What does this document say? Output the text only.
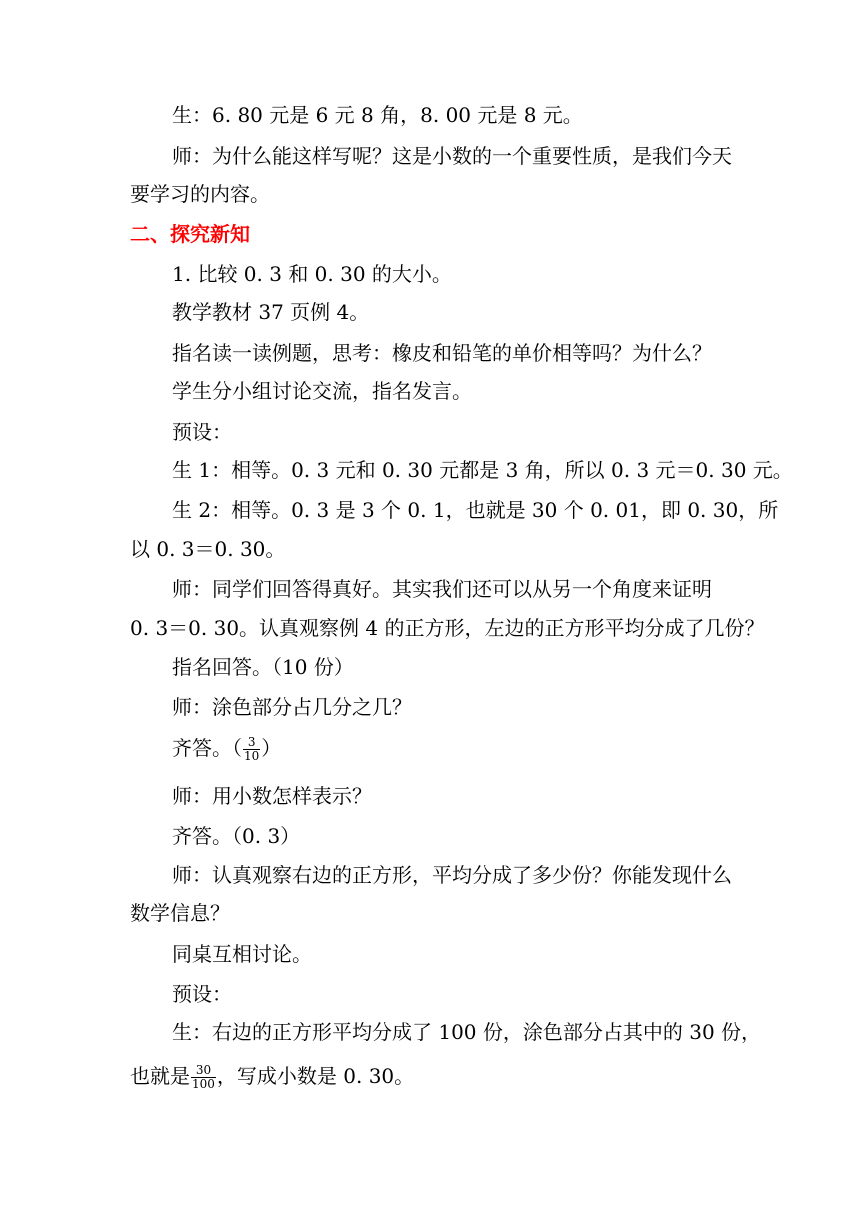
生：6. 80 元是 6 元 8 角，8. 00 元是 8 元。
师：为什么能这样写呢？这是小数的一个重要性质，是我们今天
要学习的内容。
二、探究新知
1. 比较 0. 3 和 0. 30 的大小。
教学教材 37 页例 4。
指名读一读例题，思考：橡皮和铅笔的单价相等吗？为什么？
学生分小组讨论交流，指名发言。
预设：
生 1：相等。0. 3 元和 0. 30 元都是 3 角，所以 0. 3 元＝0. 30 元。
生 2：相等。0. 3 是 3 个 0. 1，也就是 30 个 0. 01，即 0. 30，所
以 0. 3＝0. 30。
师：同学们回答得真好。其实我们还可以从另一个角度来证明
0. 3＝0. 30。认真观察例 4 的正方形，左边的正方形平均分成了几份？
指名回答。（10 份）
师：涂色部分占几分之几？
齐答。（ $\frac{3}{10}$ ）
师：用小数怎样表示？
齐答。（0. 3）
师：认真观察右边的正方形，平均分成了多少份？你能发现什么
数学信息？
同桌互相讨论。
预设：
生：右边的正方形平均分成了 100 份，涂色部分占其中的 30 份，
也就是 $\frac{30}{100}$ ，写成小数是 0. 30。
